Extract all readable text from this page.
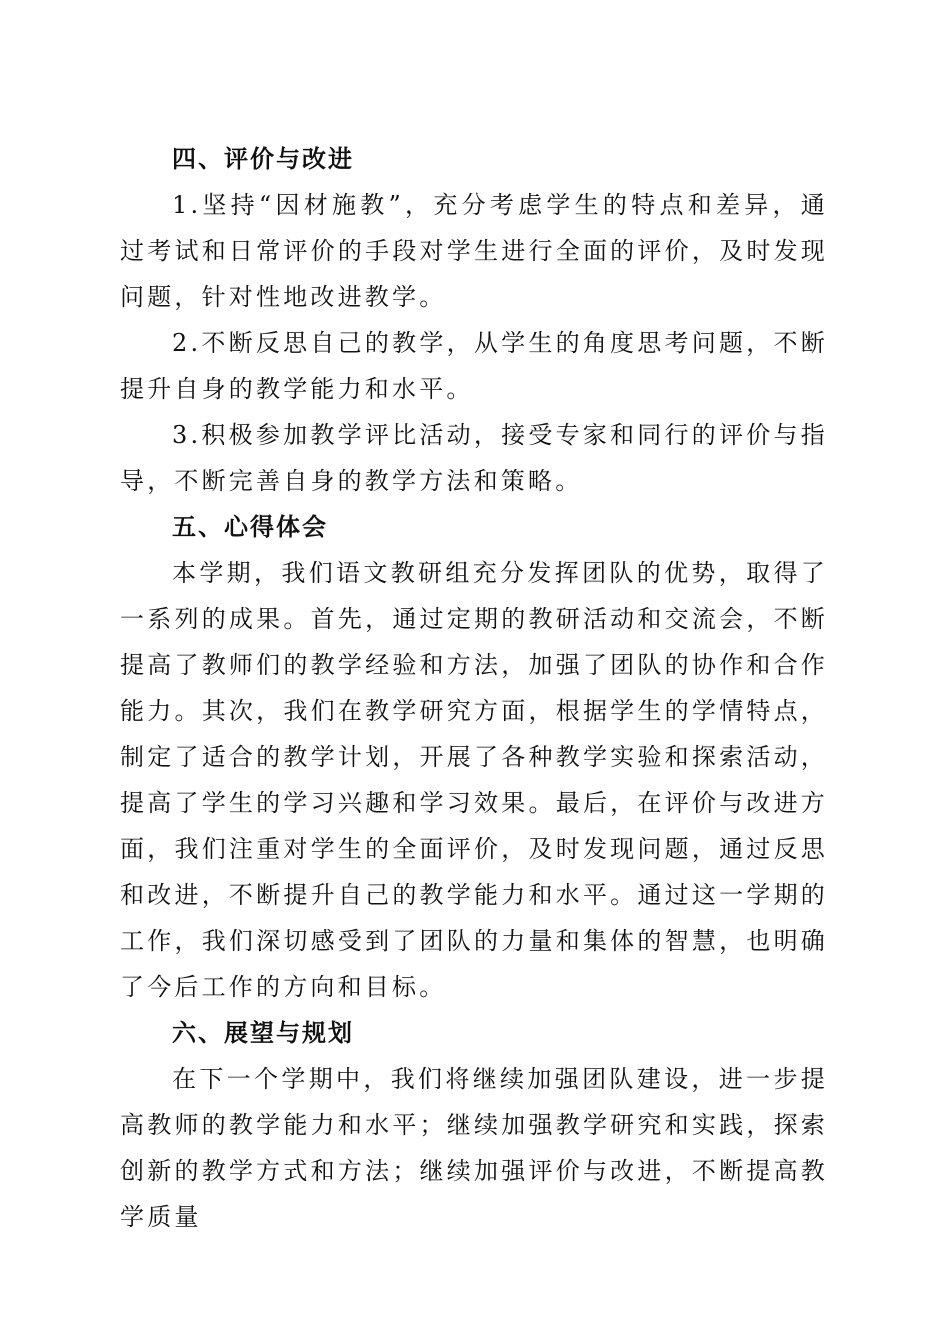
四、评价与改进

1.坚持“因材施教”，充分考虑学生的特点和差异，通过考试和日常评价的手段对学生进行全面的评价，及时发现问题，针对性地改进教学。

2.不断反思自己的教学，从学生的角度思考问题，不断提升自身的教学能力和水平。

3.积极参加教学评比活动，接受专家和同行的评价与指导，不断完善自身的教学方法和策略。

五、心得体会

本学期，我们语文教研组充分发挥团队的优势，取得了一系列的成果。首先，通过定期的教研活动和交流会，不断提高了教师们的教学经验和方法，加强了团队的协作和合作能力。其次，我们在教学研究方面，根据学生的学情特点，制定了适合的教学计划，开展了各种教学实验和探索活动，提高了学生的学习兴趣和学习效果。最后，在评价与改进方面，我们注重对学生的全面评价，及时发现问题，通过反思和改进，不断提升自己的教学能力和水平。通过这一学期的工作，我们深切感受到了团队的力量和集体的智慧，也明确了今后工作的方向和目标。

六、展望与规划

在下一个学期中，我们将继续加强团队建设，进一步提高教师的教学能力和水平；继续加强教学研究和实践，探索创新的教学方式和方法；继续加强评价与改进，不断提高教学质量
